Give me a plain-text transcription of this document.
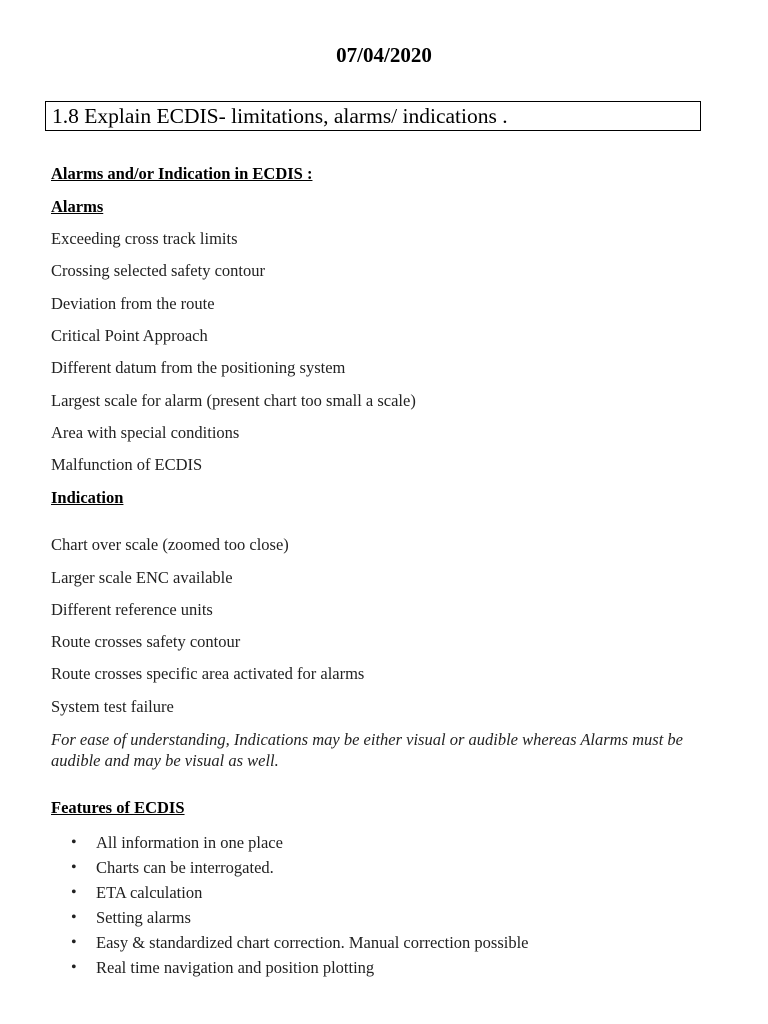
07/04/2020
1.8 Explain ECDIS- limitations, alarms/ indications .
Alarms and/or Indication in ECDIS :
Alarms
Exceeding cross track limits
Crossing selected safety contour
Deviation from the route
Critical Point Approach
Different datum from the positioning system
Largest scale for alarm (present chart too small a scale)
Area with special conditions
Malfunction of ECDIS
Indication
Chart over scale (zoomed too close)
Larger scale ENC available
Different reference units
Route crosses safety contour
Route crosses specific area activated for alarms
System test failure
For ease of understanding, Indications may be either visual or audible whereas Alarms must be audible and may be visual as well.
Features of ECDIS
• All information in one place
• Charts can be interrogated.
• ETA calculation
• Setting alarms
• Easy & standardized chart correction. Manual correction possible
• Real time navigation and position plotting
